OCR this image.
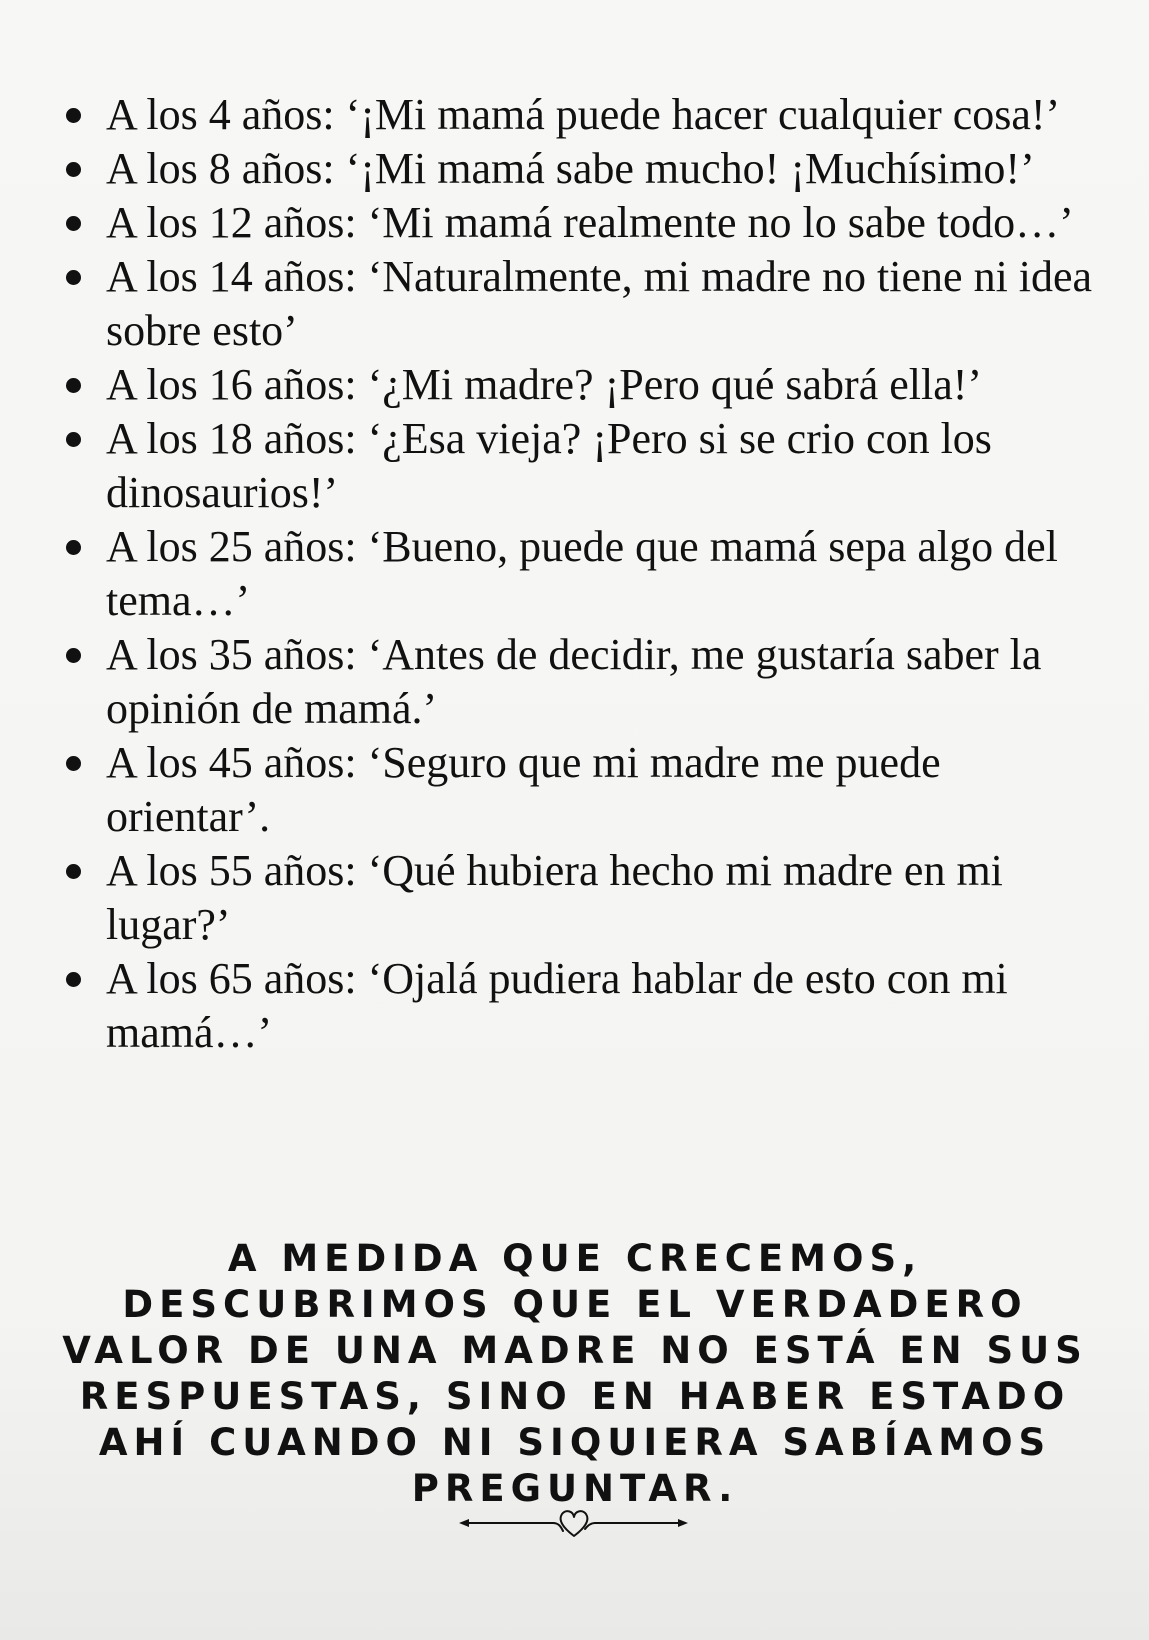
A los 4 años: ‘¡Mi mamá puede hacer cualquier cosa!’
A los 8 años: ‘¡Mi mamá sabe mucho! ¡Muchísimo!’
A los 12 años: ‘Mi mamá realmente no lo sabe todo…’
A los 14 años: ‘Naturalmente, mi madre no tiene ni idea sobre esto’
A los 16 años: ‘¿Mi madre? ¡Pero qué sabrá ella!’
A los 18 años: ‘¿Esa vieja? ¡Pero si se crio con los dinosaurios!’
A los 25 años: ‘Bueno, puede que mamá sepa algo del tema…’
A los 35 años: ‘Antes de decidir, me gustaría saber la opinión de mamá.’
A los 45 años: ‘Seguro que mi madre me puede orientar’.
A los 55 años: ‘Qué hubiera hecho mi madre en mi lugar?’
A los 65 años: ‘Ojalá pudiera hablar de esto con mi mamá…’

A MEDIDA QUE CRECEMOS, DESCUBRIMOS QUE EL VERDADERO VALOR DE UNA MADRE NO ESTÁ EN SUS RESPUESTAS, SINO EN HABER ESTADO AHÍ CUANDO NI SIQUIERA SABÍAMOS PREGUNTAR.
